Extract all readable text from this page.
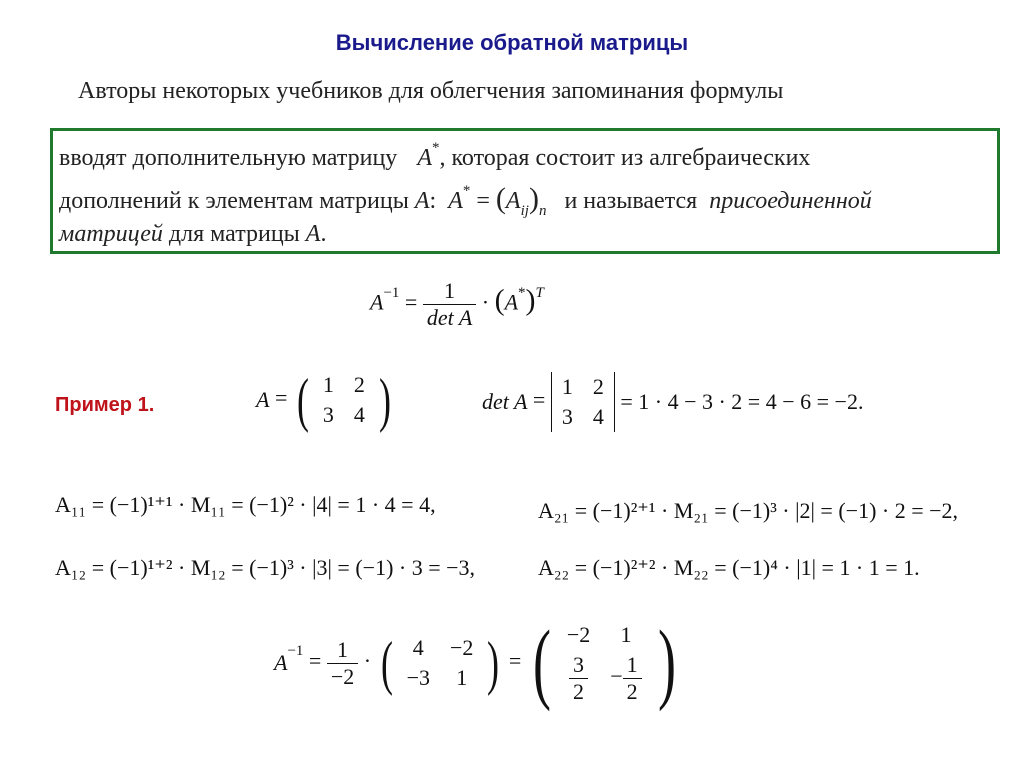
Вычисление обратной матрицы
Авторы некоторых учебников для облегчения запоминания формулы
вводят дополнительную матрицу A*, которая состоит из алгебраических
дополнений к элементам матрицы A:  $A^* = (A_{ij})_n$ и называется присоединенной
матрицей для матрицы A.
$A^{-1} = \frac{1}{\text{det A}} \cdot (A^*)^T$
Пример 1.	A = ( 1	2
3	4 )	det A =
1	2
3	4
= 1 · 4 − 3 · 2 = 4 − 6 = −2.
A₁₁ = (−1)¹⁺¹ · M₁₁ = (−1)² · |4| = 1 · 4 = 4,
A₁₂ = (−1)¹⁺² · M₁₂ = (−1)³ · |3| = (−1) · 3 = −3,
A₂₁ = (−1)²⁺¹ · M₂₁ = (−1)³ · |2| = (−1) · 2 = −2,
A₂₂ = (−1)²⁺² · M₂₂ = (−1)⁴ · |1| = 1 · 1 = 1.
$A^{-1} = \frac{1}{-2}$ · ( 4	−2
−3	1 ) = ( −2	1

$\frac{3}{2}$	− $\frac{1}{2}$ )
